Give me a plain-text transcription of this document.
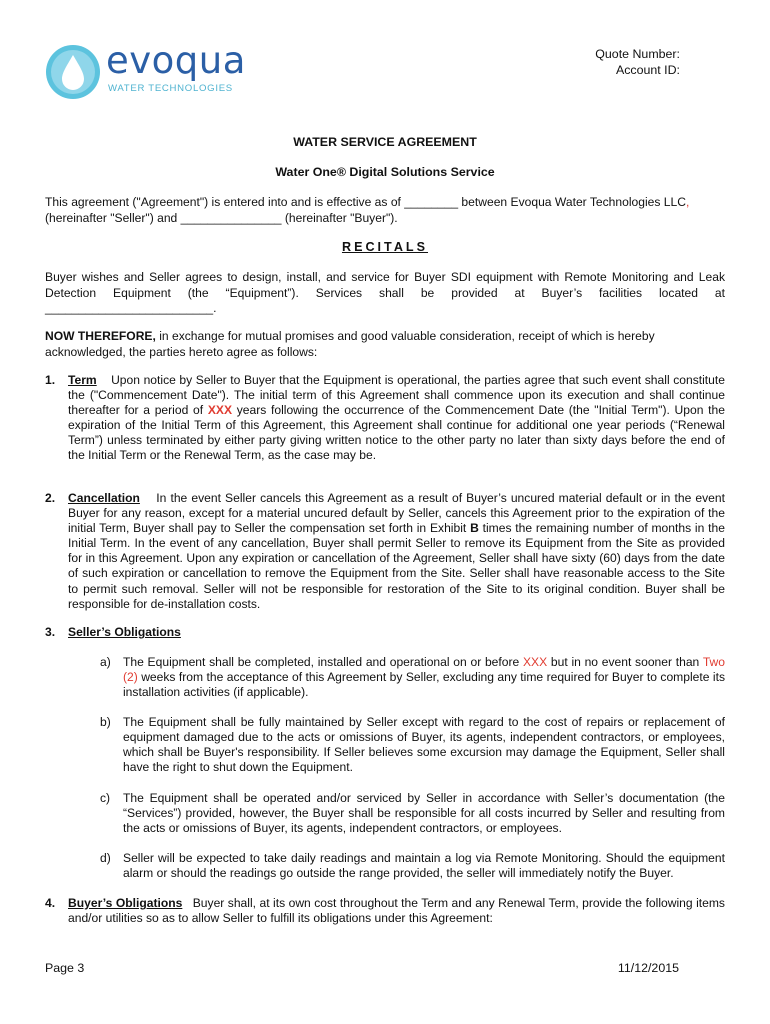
evoqua
WATER TECHNOLOGIES
Quote Number:
Account ID:
WATER SERVICE AGREEMENT
Water One® Digital Solutions Service
This agreement ("Agreement") is entered into and is effective as of ________ between Evoqua Water Technologies LLC,
(hereinafter "Seller") and _______________ (hereinafter "Buyer").
RECITALS
Buyer wishes and Seller agrees to design, install, and service for Buyer SDI equipment with Remote Monitoring and Leak Detection Equipment (the “Equipment”). Services shall be provided at Buyer’s facilities located at _________________________.
NOW THEREFORE, in exchange for mutual promises and good valuable consideration, receipt of which is hereby acknowledged, the parties hereto agree as follows:
1. Term Upon notice by Seller to Buyer that the Equipment is operational, the parties agree that such event shall constitute the ("Commencement Date"). The initial term of this Agreement shall commence upon its execution and shall continue thereafter for a period of XXX years following the occurrence of the Commencement Date (the "Initial Term"). Upon the expiration of the Initial Term of this Agreement, this Agreement shall continue for additional one year periods (“Renewal Term”) unless terminated by either party giving written notice to the other party no later than sixty days before the end of the Initial Term or the Renewal Term, as the case may be.
2. Cancellation In the event Seller cancels this Agreement as a result of Buyer’s uncured material default or in the event Buyer for any reason, except for a material uncured default by Seller, cancels this Agreement prior to the expiration of the initial Term, Buyer shall pay to Seller the compensation set forth in Exhibit B times the remaining number of months in the Initial Term. In the event of any cancellation, Buyer shall permit Seller to remove its Equipment from the Site as provided for in this Agreement. Upon any expiration or cancellation of the Agreement, Seller shall have sixty (60) days from the date of such expiration or cancellation to remove the Equipment from the Site. Seller shall have reasonable access to the Site to permit such removal. Seller will not be responsible for restoration of the Site to its original condition. Buyer shall be responsible for de-installation costs.
3. Seller’s Obligations
a) The Equipment shall be completed, installed and operational on or before XXX but in no event sooner than Two (2) weeks from the acceptance of this Agreement by Seller, excluding any time required for Buyer to complete its installation activities (if applicable).
b) The Equipment shall be fully maintained by Seller except with regard to the cost of repairs or replacement of equipment damaged due to the acts or omissions of Buyer, its agents, independent contractors, or employees, which shall be Buyer's responsibility. If Seller believes some excursion may damage the Equipment, Seller shall have the right to shut down the Equipment.
c) The Equipment shall be operated and/or serviced by Seller in accordance with Seller’s documentation (the “Services”) provided, however, the Buyer shall be responsible for all costs incurred by Seller and resulting from the acts or omissions of Buyer, its agents, independent contractors, or employees.
d) Seller will be expected to take daily readings and maintain a log via Remote Monitoring. Should the equipment alarm or should the readings go outside the range provided, the seller will immediately notify the Buyer.
4. Buyer’s Obligations Buyer shall, at its own cost throughout the Term and any Renewal Term, provide the following items and/or utilities so as to allow Seller to fulfill its obligations under this Agreement:
Page 3	11/12/2015
